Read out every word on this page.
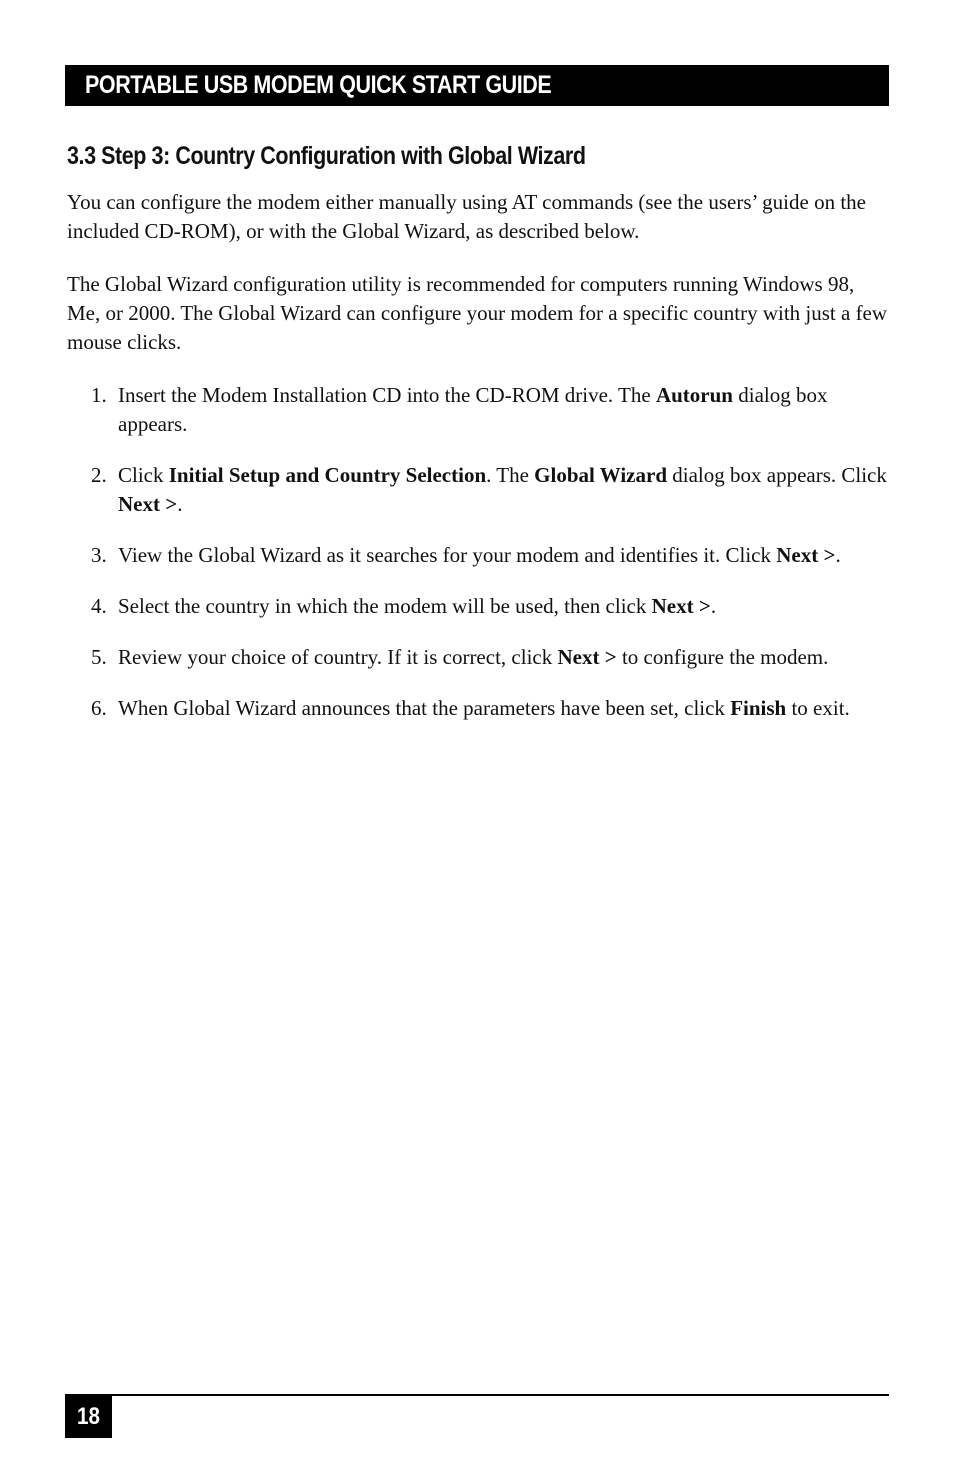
PORTABLE USB MODEM QUICK START GUIDE
3.3 Step 3: Country Configuration with Global Wizard

You can configure the modem either manually using AT commands (see the users’ guide on the included CD-ROM), or with the Global Wizard, as described below.

The Global Wizard configuration utility is recommended for computers running Windows 98, Me, or 2000. The Global Wizard can configure your modem for a specific country with just a few mouse clicks.

1. Insert the Modem Installation CD into the CD-ROM drive. The Autorun dialog box appears.
2. Click Initial Setup and Country Selection. The Global Wizard dialog box appears. Click Next >.
3. View the Global Wizard as it searches for your modem and identifies it. Click Next >.
4. Select the country in which the modem will be used, then click Next >.
5. Review your choice of country. If it is correct, click Next > to configure the modem.
6. When Global Wizard announces that the parameters have been set, click Finish to exit.
18
